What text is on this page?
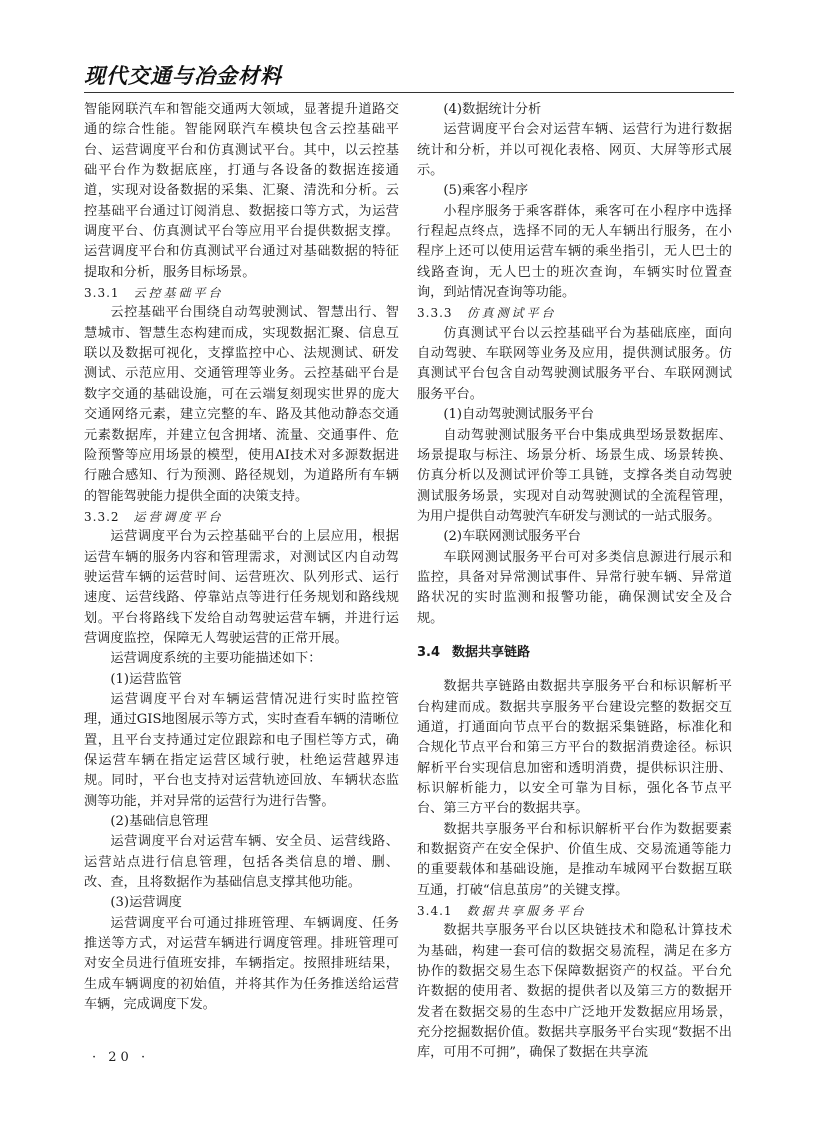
现代交通与冶金材料

智能网联汽车和智能交通两大领域，显著提升道路交通的综合性能。智能网联汽车模块包含云控基础平台、运营调度平台和仿真测试平台。其中，以云控基础平台作为数据底座，打通与各设备的数据连接通道，实现对设备数据的采集、汇聚、清洗和分析。云控基础平台通过订阅消息、数据接口等方式，为运营调度平台、仿真测试平台等应用平台提供数据支撑。运营调度平台和仿真测试平台通过对基础数据的特征提取和分析，服务目标场景。

3.3.1 云控基础平台

云控基础平台围绕自动驾驶测试、智慧出行、智慧城市、智慧生态构建而成，实现数据汇聚、信息互联以及数据可视化，支撑监控中心、法规测试、研发测试、示范应用、交通管理等业务。云控基础平台是数字交通的基础设施，可在云端复刻现实世界的庞大交通网络元素，建立完整的车、路及其他动静态交通元素数据库，并建立包含拥堵、流量、交通事件、危险预警等应用场景的模型，使用AI技术对多源数据进行融合感知、行为预测、路径规划，为道路所有车辆的智能驾驶能力提供全面的决策支持。

3.3.2 运营调度平台

运营调度平台为云控基础平台的上层应用，根据运营车辆的服务内容和管理需求，对测试区内自动驾驶运营车辆的运营时间、运营班次、队列形式、运行速度、运营线路、停靠站点等进行任务规划和路线规划。平台将路线下发给自动驾驶运营车辆，并进行运营调度监控，保障无人驾驶运营的正常开展。

运营调度系统的主要功能描述如下：

(1)运营监管

运营调度平台对车辆运营情况进行实时监控管理，通过GIS地图展示等方式，实时查看车辆的清晰位置，且平台支持通过定位跟踪和电子围栏等方式，确保运营车辆在指定运营区域行驶，杜绝运营越界违规。同时，平台也支持对运营轨迹回放、车辆状态监测等功能，并对异常的运营行为进行告警。

(2)基础信息管理

运营调度平台对运营车辆、安全员、运营线路、运营站点进行信息管理，包括各类信息的增、删、改、查，且将数据作为基础信息支撑其他功能。

(3)运营调度

运营调度平台可通过排班管理、车辆调度、任务推送等方式，对运营车辆进行调度管理。排班管理可对安全员进行值班安排，车辆指定。按照排班结果，生成车辆调度的初始值，并将其作为任务推送给运营车辆，完成调度下发。

(4)数据统计分析

运营调度平台会对运营车辆、运营行为进行数据统计和分析，并以可视化表格、网页、大屏等形式展示。

(5)乘客小程序

小程序服务于乘客群体，乘客可在小程序中选择行程起点终点，选择不同的无人车辆出行服务，在小程序上还可以使用运营车辆的乘坐指引，无人巴士的线路查询，无人巴士的班次查询，车辆实时位置查询，到站情况查询等功能。

3.3.3 仿真测试平台

仿真测试平台以云控基础平台为基础底座，面向自动驾驶、车联网等业务及应用，提供测试服务。仿真测试平台包含自动驾驶测试服务平台、车联网测试服务平台。

(1)自动驾驶测试服务平台

自动驾驶测试服务平台中集成典型场景数据库、场景提取与标注、场景分析、场景生成、场景转换、仿真分析以及测试评价等工具链，支撑各类自动驾驶测试服务场景，实现对自动驾驶测试的全流程管理，为用户提供自动驾驶汽车研发与测试的一站式服务。

(2)车联网测试服务平台

车联网测试服务平台可对多类信息源进行展示和监控，具备对异常测试事件、异常行驶车辆、异常道路状况的实时监测和报警功能，确保测试安全及合规。

3.4 数据共享链路

数据共享链路由数据共享服务平台和标识解析平台构建而成。数据共享服务平台建设完整的数据交互通道，打通面向节点平台的数据采集链路，标准化和合规化节点平台和第三方平台的数据消费途径。标识解析平台实现信息加密和透明消费，提供标识注册、标识解析能力，以安全可靠为目标，强化各节点平台、第三方平台的数据共享。

数据共享服务平台和标识解析平台作为数据要素和数据资产在安全保护、价值生成、交易流通等能力的重要载体和基础设施，是推动车城网平台数据互联互通，打破“信息茧房”的关键支撑。

3.4.1 数据共享服务平台

数据共享服务平台以区块链技术和隐私计算技术为基础，构建一套可信的数据交易流程，满足在多方协作的数据交易生态下保障数据资产的权益。平台允许数据的使用者、数据的提供者以及第三方的数据开发者在数据交易的生态中广泛地开发数据应用场景，充分挖掘数据价值。数据共享服务平台实现“数据不出库，可用不可拥”，确保了数据在共享流

· 20 ·
